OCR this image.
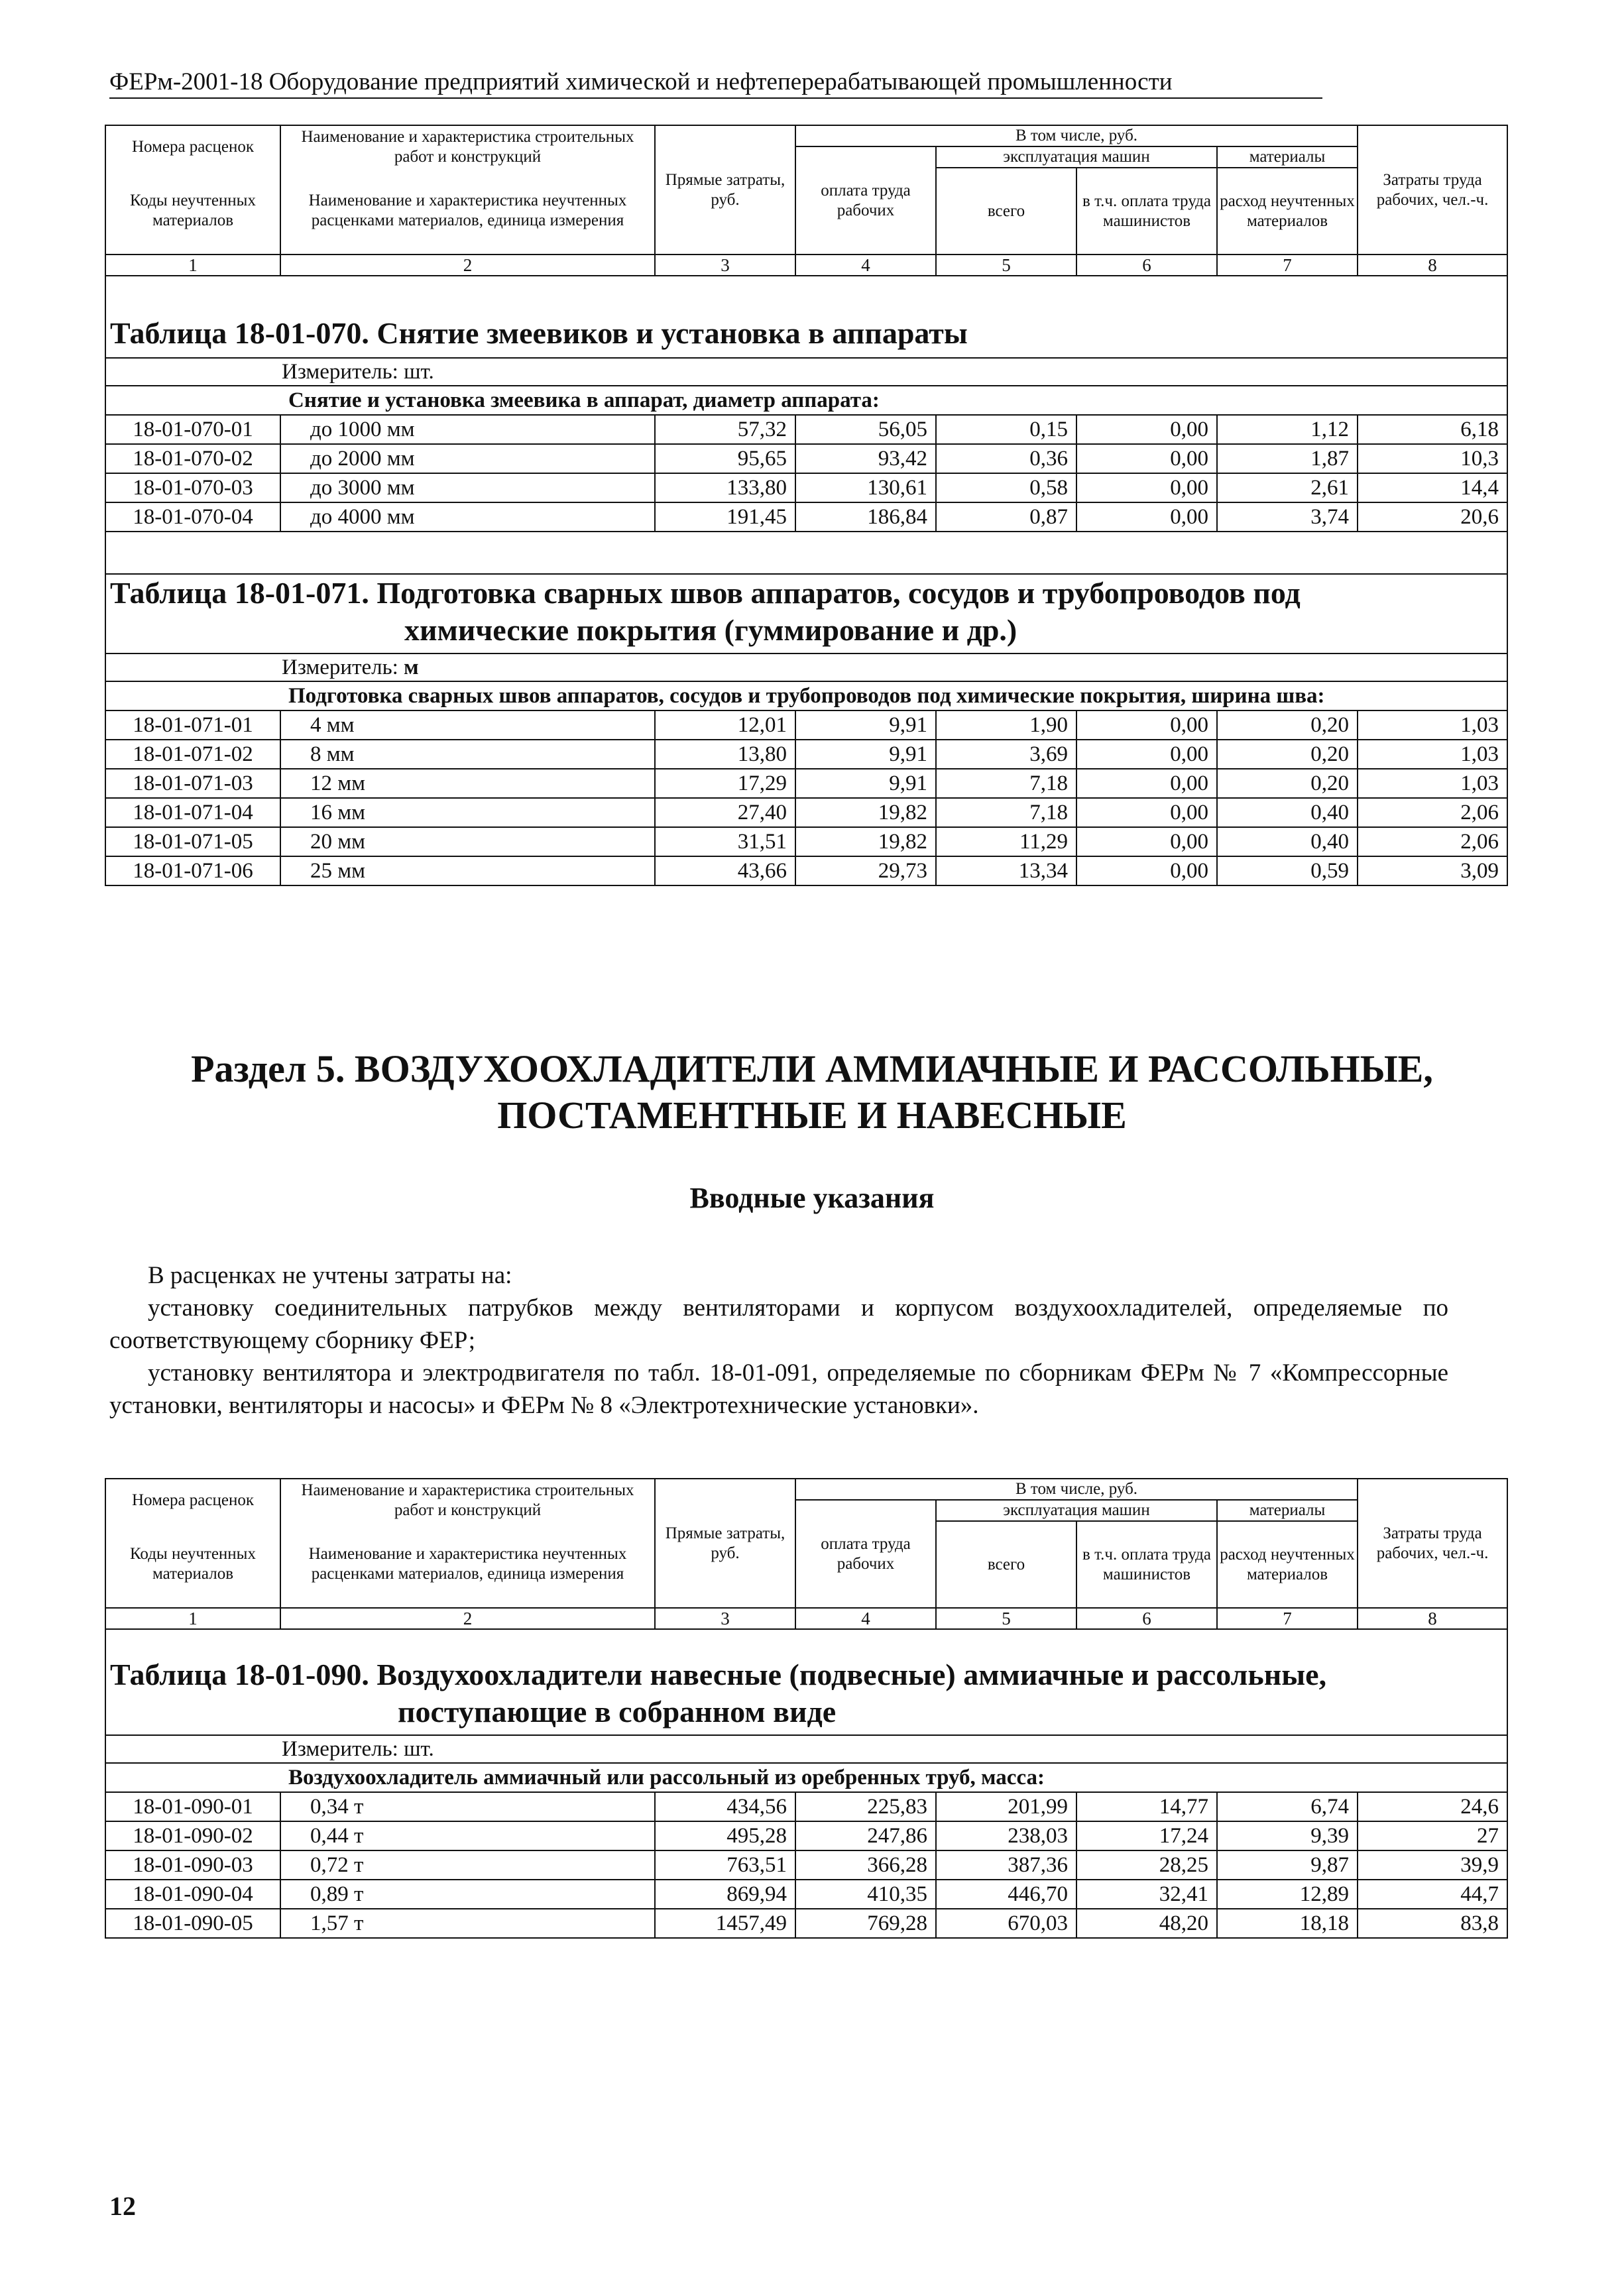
ФЕРм-2001-18 Оборудование предприятий химической и нефтеперерабатывающей промышленности
Номера расценок	Наименование и характеристика строительных работ и конструкций	Прямые затраты, руб.	В том числе, руб.				Затраты труда рабочих, чел.-ч.
			оплата труда рабочих	эксплуатация машин		материалы	
Коды неучтенных материалов	Наименование и характеристика неучтенных расценками материалов, единица измерения			всего	в т.ч. оплата труда машинистов	расход неучтенных материалов	

1	2	3	4	5	6	7	8

Таблица 18-01-070. Снятие змеевиков и установка в аппараты							

Измеритель: шт.							
Снятие и установка змеевика в аппарат, диаметр аппарата:							
18-01-070-01	до 1000 мм	57,32	56,05	0,15	0,00	1,12	6,18
18-01-070-02	до 2000 мм	95,65	93,42	0,36	0,00	1,87	10,3
18-01-070-03	до 3000 мм	133,80	130,61	0,58	0,00	2,61	14,4
18-01-070-04	до 4000 мм	191,45	186,84	0,87	0,00	3,74	20,6

Таблица 18-01-071. Подготовка сварных швов аппаратов, сосудов и трубопроводов под
химические покрытия (гуммирование и др.)							

Измеритель: м							
Подготовка сварных швов аппаратов, сосудов и трубопроводов под химические покрытия, ширина шва:							
18-01-071-01	4 мм	12,01	9,91	1,90	0,00	0,20	1,03
18-01-071-02	8 мм	13,80	9,91	3,69	0,00	0,20	1,03
18-01-071-03	12 мм	17,29	9,91	7,18	0,00	0,20	1,03
18-01-071-04	16 мм	27,40	19,82	7,18	0,00	0,40	2,06
18-01-071-05	20 мм	31,51	19,82	11,29	0,00	0,40	2,06
18-01-071-06	25 мм	43,66	29,73	13,34	0,00	0,59	3,09
Раздел 5. ВОЗДУХООХЛАДИТЕЛИ АММИАЧНЫЕ И РАССОЛЬНЫЕ,
ПОСТАМЕНТНЫЕ И НАВЕСНЫЕ
Вводные указания
В расценках не учтены затраты на:
установку соединительных патрубков между вентиляторами и корпусом воздухоохладителей, определяемые по соответствующему сборнику ФЕР;
установку вентилятора и электродвигателя по табл. 18-01-091, определяемые по сборникам ФЕРм № 7 «Компрессорные установки, вентиляторы и насосы» и ФЕРм № 8 «Электротехнические установки».
Номера расценок	Наименование и характеристика строительных работ и конструкций	Прямые затраты, руб.	В том числе, руб.				Затраты труда рабочих, чел.-ч.
			оплата труда рабочих	эксплуатация машин		материалы	
Коды неучтенных материалов	Наименование и характеристика неучтенных расценками материалов, единица измерения			всего	в т.ч. оплата труда машинистов	расход неучтенных материалов	

1	2	3	4	5	6	7	8

Таблица 18-01-090. Воздухоохладители навесные (подвесные) аммиачные и рассольные,
поступающие в собранном виде							

Измеритель: шт.							
Воздухоохладитель аммиачный или рассольный из оребренных труб, масса:							
18-01-090-01	0,34 т	434,56	225,83	201,99	14,77	6,74	24,6
18-01-090-02	0,44 т	495,28	247,86	238,03	17,24	9,39	27
18-01-090-03	0,72 т	763,51	366,28	387,36	28,25	9,87	39,9
18-01-090-04	0,89 т	869,94	410,35	446,70	32,41	12,89	44,7
18-01-090-05	1,57 т	1457,49	769,28	670,03	48,20	18,18	83,8
12
